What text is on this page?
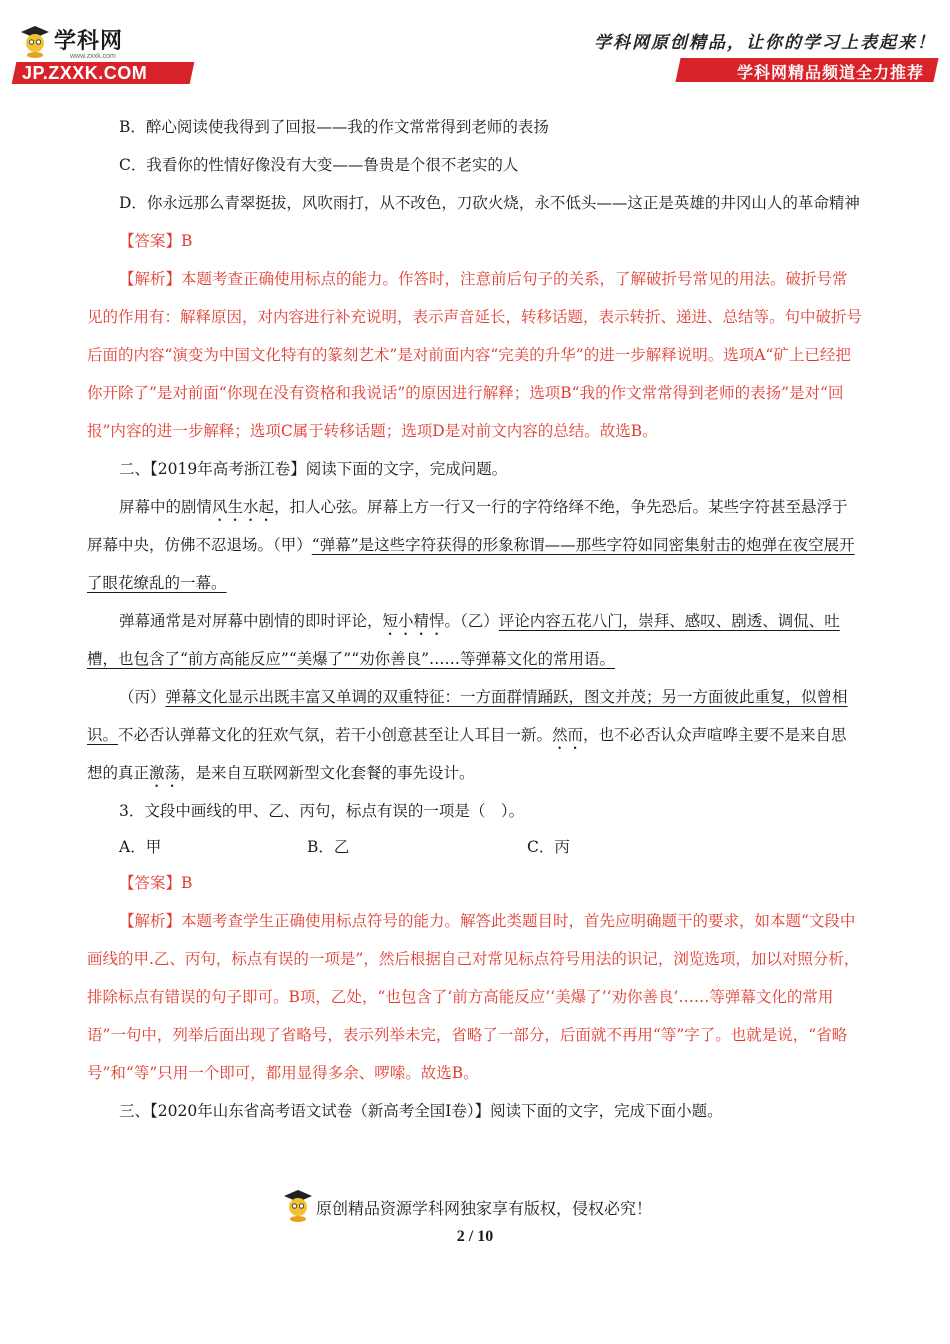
学科网
www.zxxk.com
JP.ZXXK.COM
学科网原创精品，让你的学习上表起来！
学科网精品频道全力推荐

B．醉心阅读使我得到了回报——我的作文常常得到老师的表扬

C．我看你的性情好像没有大变——鲁贵是个很不老实的人

D．你永远那么青翠挺拔，风吹雨打，从不改色，刀砍火烧，永不低头——这正是英雄的井冈山人的革命精神

【答案】B

【解析】本题考查正确使用标点的能力。作答时，注意前后句子的关系，了解破折号常见的用法。破折号常见的作用有：解释原因，对内容进行补充说明，表示声音延长，转移话题，表示转折、递进、总结等。句中破折号后面的内容“演变为中国文化特有的篆刻艺术”是对前面内容“完美的升华”的进一步解释说明。选项A“矿上已经把你开除了”是对前面“你现在没有资格和我说话”的原因进行解释；选项B“我的作文常常得到老师的表扬”是对“回报”内容的进一步解释；选项C属于转移话题；选项D是对前文内容的总结。故选B。

二、【2019年高考浙江卷】阅读下面的文字，完成问题。

屏幕中的剧情风生水起，扣人心弦。屏幕上方一行又一行的字符络绎不绝，争先恐后。某些字符甚至悬浮于屏幕中央，仿佛不忍退场。（甲）“弹幕”是这些字符获得的形象称谓——那些字符如同密集射击的炮弹在夜空展开了眼花缭乱的一幕。

弹幕通常是对屏幕中剧情的即时评论，短小精悍。（乙）评论内容五花八门，崇拜、感叹、剧透、调侃、吐槽，也包含了“前方高能反应”“美爆了”“劝你善良”……等弹幕文化的常用语。

（丙）弹幕文化显示出既丰富又单调的双重特征：一方面群情踊跃，图文并茂；另一方面彼此重复，似曾相识。不必否认弹幕文化的狂欢气氛，若干小创意甚至让人耳目一新。然而，也不必否认众声喧哗主要不是来自思想的真正激荡，是来自互联网新型文化套餐的事先设计。

3．文段中画线的甲、乙、丙句，标点有误的一项是（　）。

A．甲	B．乙	C．丙

【答案】B

【解析】本题考查学生正确使用标点符号的能力。解答此类题目时，首先应明确题干的要求，如本题“文段中画线的甲.乙、丙句，标点有误的一项是”，然后根据自己对常见标点符号用法的识记，浏览选项，加以对照分析，排除标点有错误的句子即可。B项，乙处，“也包含了‘前方高能反应’‘美爆了’‘劝你善良’……等弹幕文化的常用语”一句中，列举后面出现了省略号，表示列举未完，省略了一部分，后面就不再用“等”字了。也就是说，“省略号”和“等”只用一个即可，都用显得多余、啰嗦。故选B。

三、【2020年山东省高考语文试卷（新高考全国Ⅰ卷）】阅读下面的文字，完成下面小题。

原创精品资源学科网独家享有版权，侵权必究！
2 / 10
